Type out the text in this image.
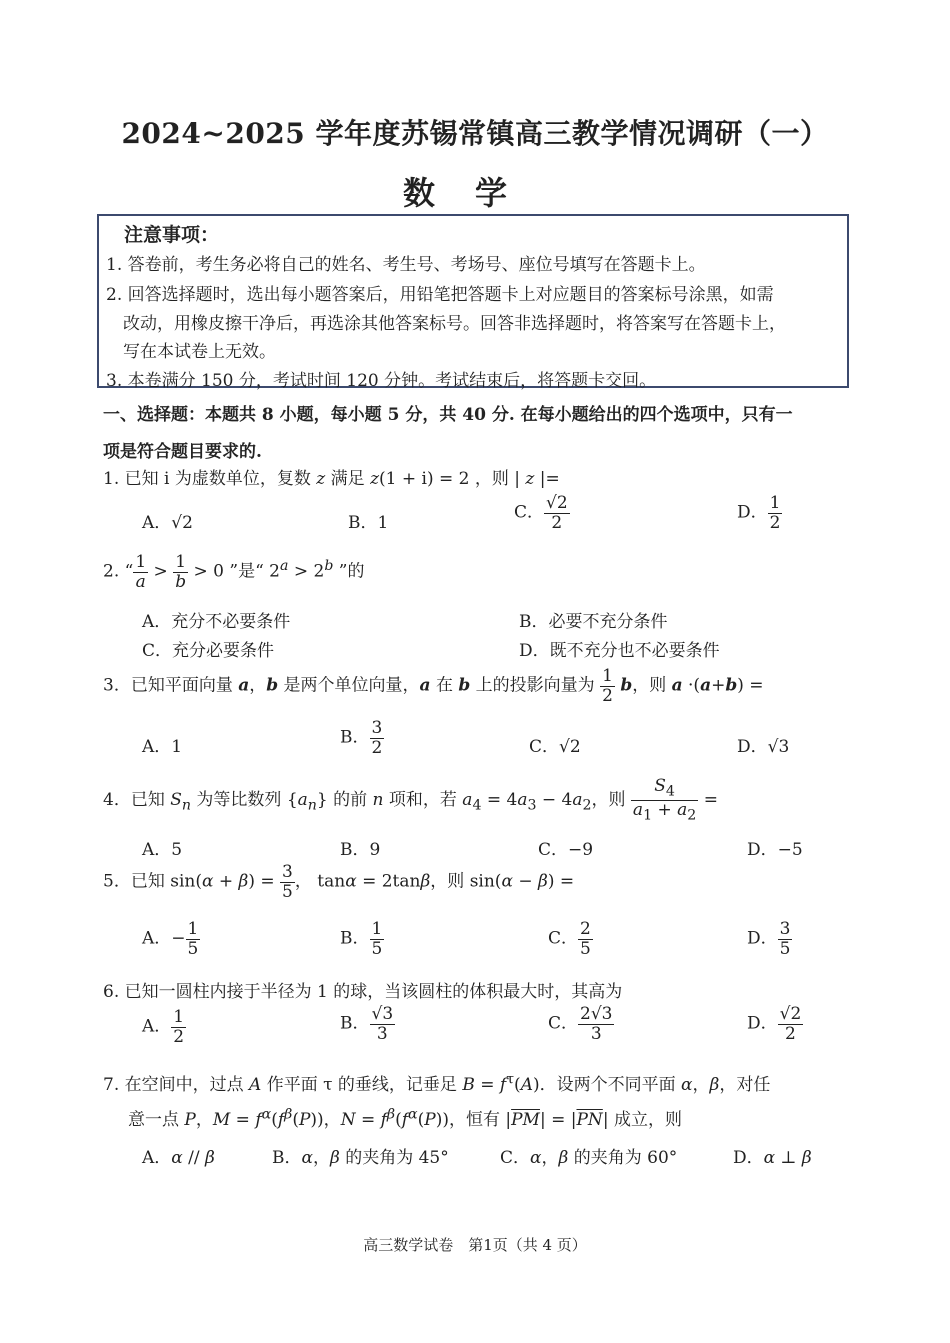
2024~2025 学年度苏锡常镇高三教学情况调研（一）
数学
注意事项：
1. 答卷前，考生务必将自己的姓名、考生号、考场号、座位号填写在答题卡上。
2. 回答选择题时，选出每小题答案后，用铅笔把答题卡上对应题目的答案标号涂黑，如需
改动，用橡皮擦干净后，再选涂其他答案标号。回答非选择题时，将答案写在答题卡上，
写在本试卷上无效。
3. 本卷满分 150 分，考试时间 120 分钟。考试结束后，将答题卡交回。
一、选择题：本题共 8 小题，每小题 5 分，共 40 分. 在每小题给出的四个选项中，只有一
项是符合题目要求的.
1. 已知 i 为虚数单位，复数 z 满足 z(1 + i) = 2 ，则 | z |=
A．√2	B．1
C． $\frac{√2}{2}$	D． $\frac{1}{2}$
2. “ $\frac{1}{a} > \frac{1}{b} > 0$ ”是“ $2^a > 2^b$ ”的
A．充分不必要条件	B．必要不充分条件
C．充分必要条件	D．既不充分也不必要条件
3．已知平面向量 a，b 是两个单位向量，a 在 b 上的投影向量为 $\frac{1}{2}$ b，则 a ·(a+b) =
A．1	B． $\frac{3}{2}$	C．√2	D．√3
4．已知 $S_n$ 为等比数列 $\{a_n\}$ 的前 n 项和，若 $a_4 = 4a_3 - 4a_2$，则 $\frac{S_4}{a_1 + a_2}$ =
A．5	B．9	C．−9	D．−5
5．已知 $\sin(\alpha + \beta) = \frac{3}{5}$ ， tanα = 2tanβ，则 sin(α − β) =
A．− $\frac{1}{5}$	B． $\frac{1}{5}$	C． $\frac{2}{5}$	D． $\frac{3}{5}$
6. 已知一圆柱内接于半径为 1 的球，当该圆柱的体积最大时，其高为
A． $\frac{1}{2}$	B． $\frac{√3}{3}$	C． $\frac{2√3}{3}$	D． $\frac{√2}{2}$
7. 在空间中，过点 A 作平面 τ 的垂线，记垂足 $B = f^\tau(A)$．设两个不同平面 α，β，对任
意一点 P，$M = f^\alpha(f^\beta(P))$，$N = f^\beta(f^\alpha(P))$，恒有 $|\overline{PM}| = |\overline{PN}|$ 成立，则
A．α // β	B．α，β 的夹角为 45°	C．α，β 的夹角为 60°	D．α ⊥ β
高三数学试卷　第1页（共 4 页）
